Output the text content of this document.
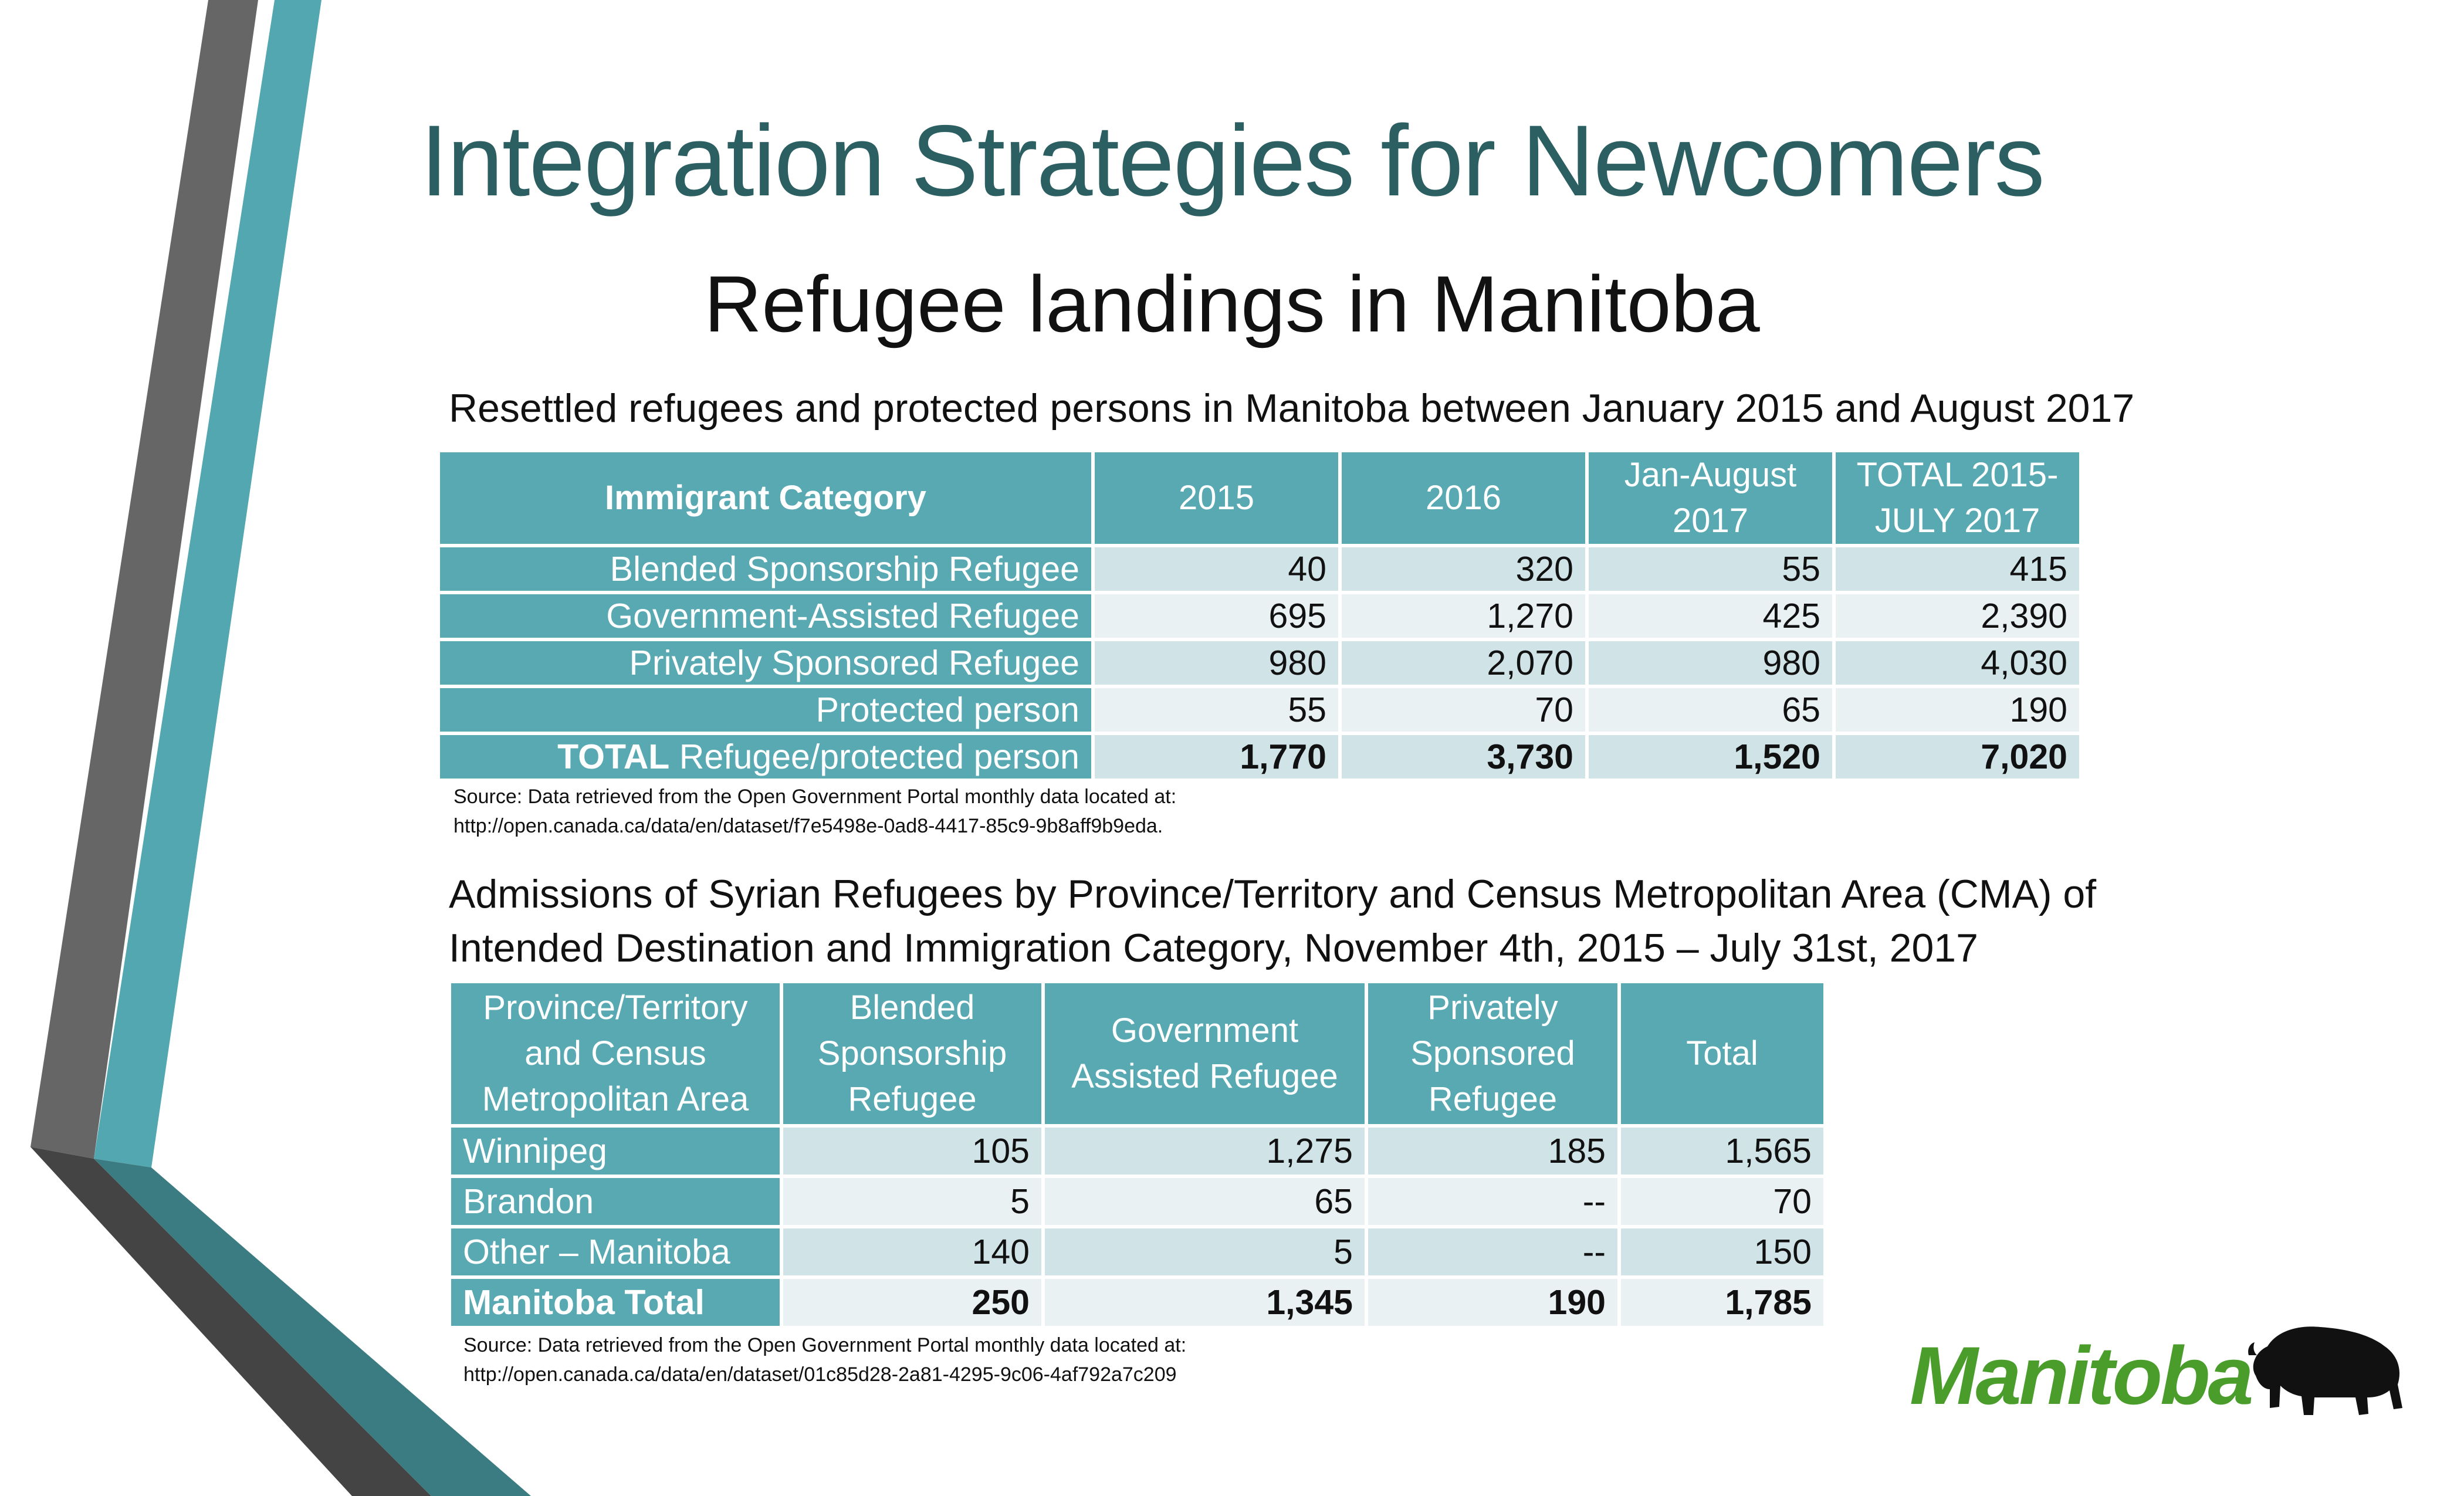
Integration Strategies for Newcomers
Refugee landings in Manitoba
Resettled refugees and protected persons in Manitoba between January 2015 and August 2017
Immigrant Category	2015	2016	Jan-August 2017	TOTAL 2015-JULY 2017
Blended Sponsorship Refugee	40	320	55	415
Government-Assisted Refugee	695	1,270	425	2,390
Privately Sponsored Refugee	980	2,070	980	4,030
Protected person	55	70	65	190
TOTAL Refugee/protected person	1,770	3,730	1,520	7,020
Source: Data retrieved from the Open Government Portal monthly data located at:
http://open.canada.ca/data/en/dataset/f7e5498e-0ad8-4417-85c9-9b8aff9b9eda.
Admissions of Syrian Refugees by Province/Territory and Census Metropolitan Area (CMA) of Intended Destination and Immigration Category, November 4th, 2015 – July 31st, 2017
Province/Territory and Census Metropolitan Area	Blended Sponsorship Refugee	Government Assisted Refugee	Privately Sponsored Refugee	Total
Winnipeg	105	1,275	185	1,565
Brandon	5	65	--	70
Other – Manitoba	140	5	--	150
Manitoba Total	250	1,345	190	1,785
Source: Data retrieved from the Open Government Portal monthly data located at:
http://open.canada.ca/data/en/dataset/01c85d28-2a81-4295-9c06-4af792a7c209	Manitoba
